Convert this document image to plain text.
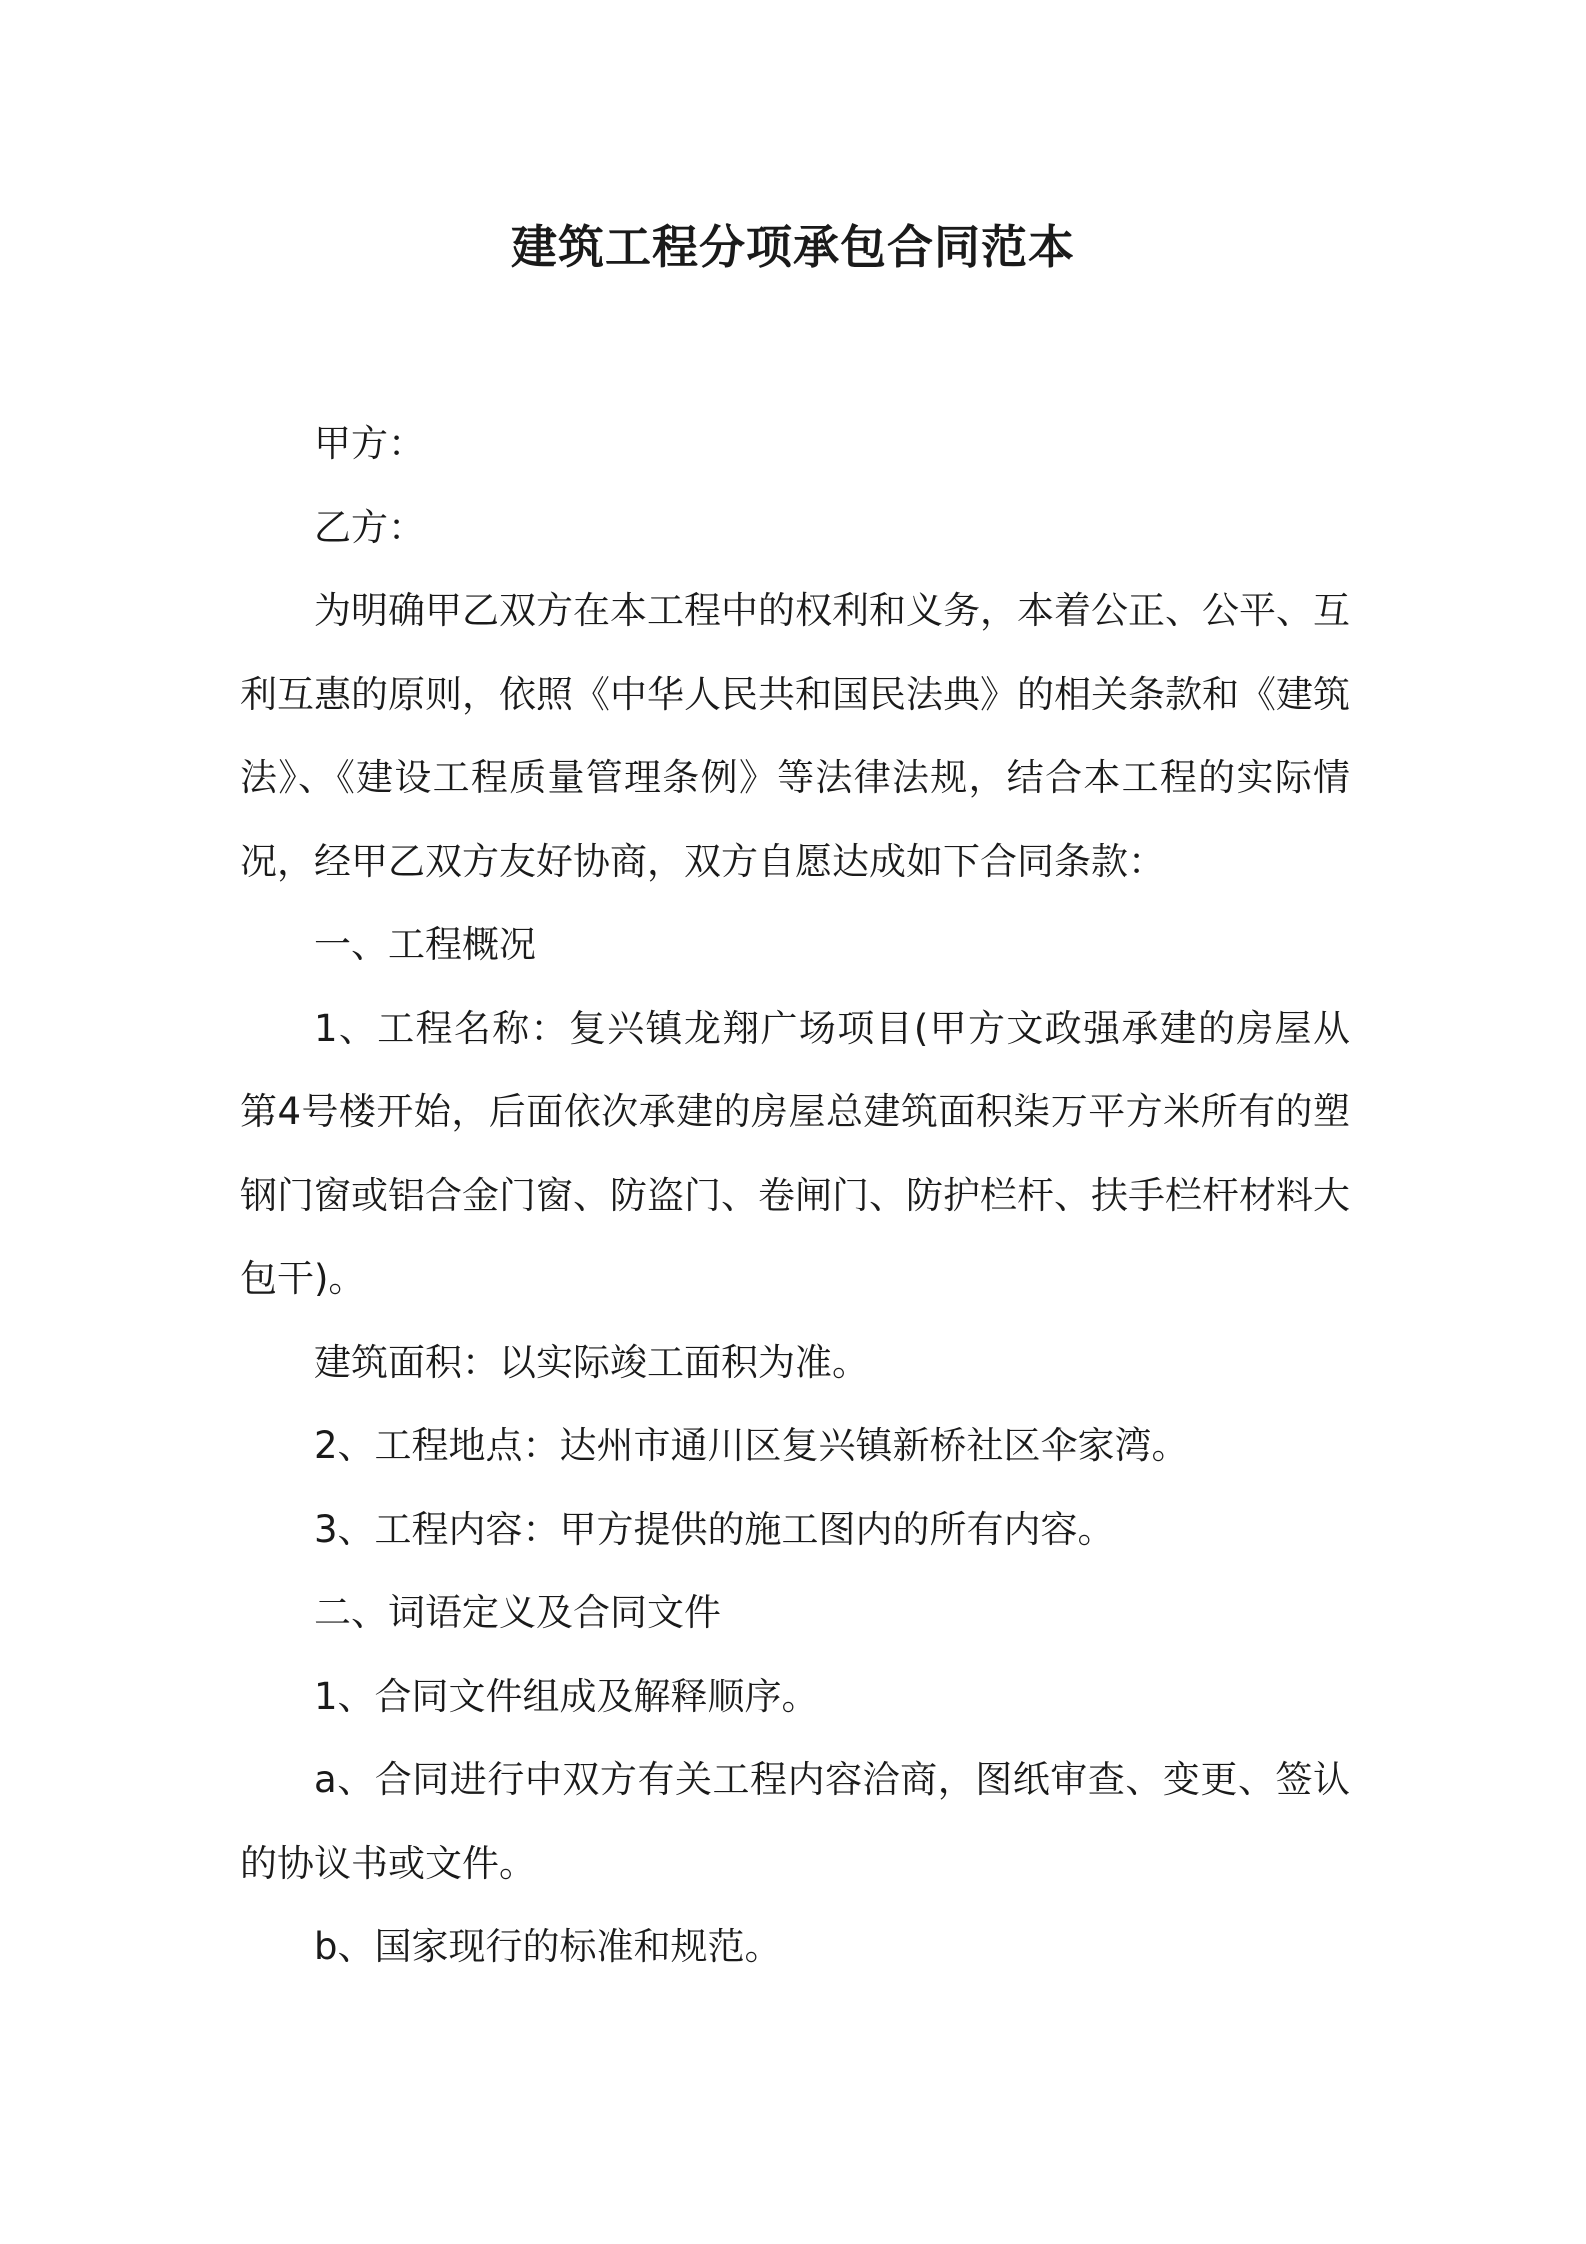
建筑工程分项承包合同范本

甲方：

乙方：

为明确甲乙双方在本工程中的权利和义务，本着公正、公平、互利互惠的原则，依照《中华人民共和国民法典》的相关条款和《建筑法》、《建设工程质量管理条例》等法律法规，结合本工程的实际情况，经甲乙双方友好协商，双方自愿达成如下合同条款：

一、工程概况

1、工程名称：复兴镇龙翔广场项目(甲方文政强承建的房屋从第4号楼开始，后面依次承建的房屋总建筑面积柒万平方米所有的塑钢门窗或铝合金门窗、防盗门、卷闸门、防护栏杆、扶手栏杆材料大包干)。

建筑面积：以实际竣工面积为准。

2、工程地点：达州市通川区复兴镇新桥社区伞家湾。

3、工程内容：甲方提供的施工图内的所有内容。

二、词语定义及合同文件

1、合同文件组成及解释顺序。

a、合同进行中双方有关工程内容洽商，图纸审查、变更、签认的协议书或文件。

b、国家现行的标准和规范。
